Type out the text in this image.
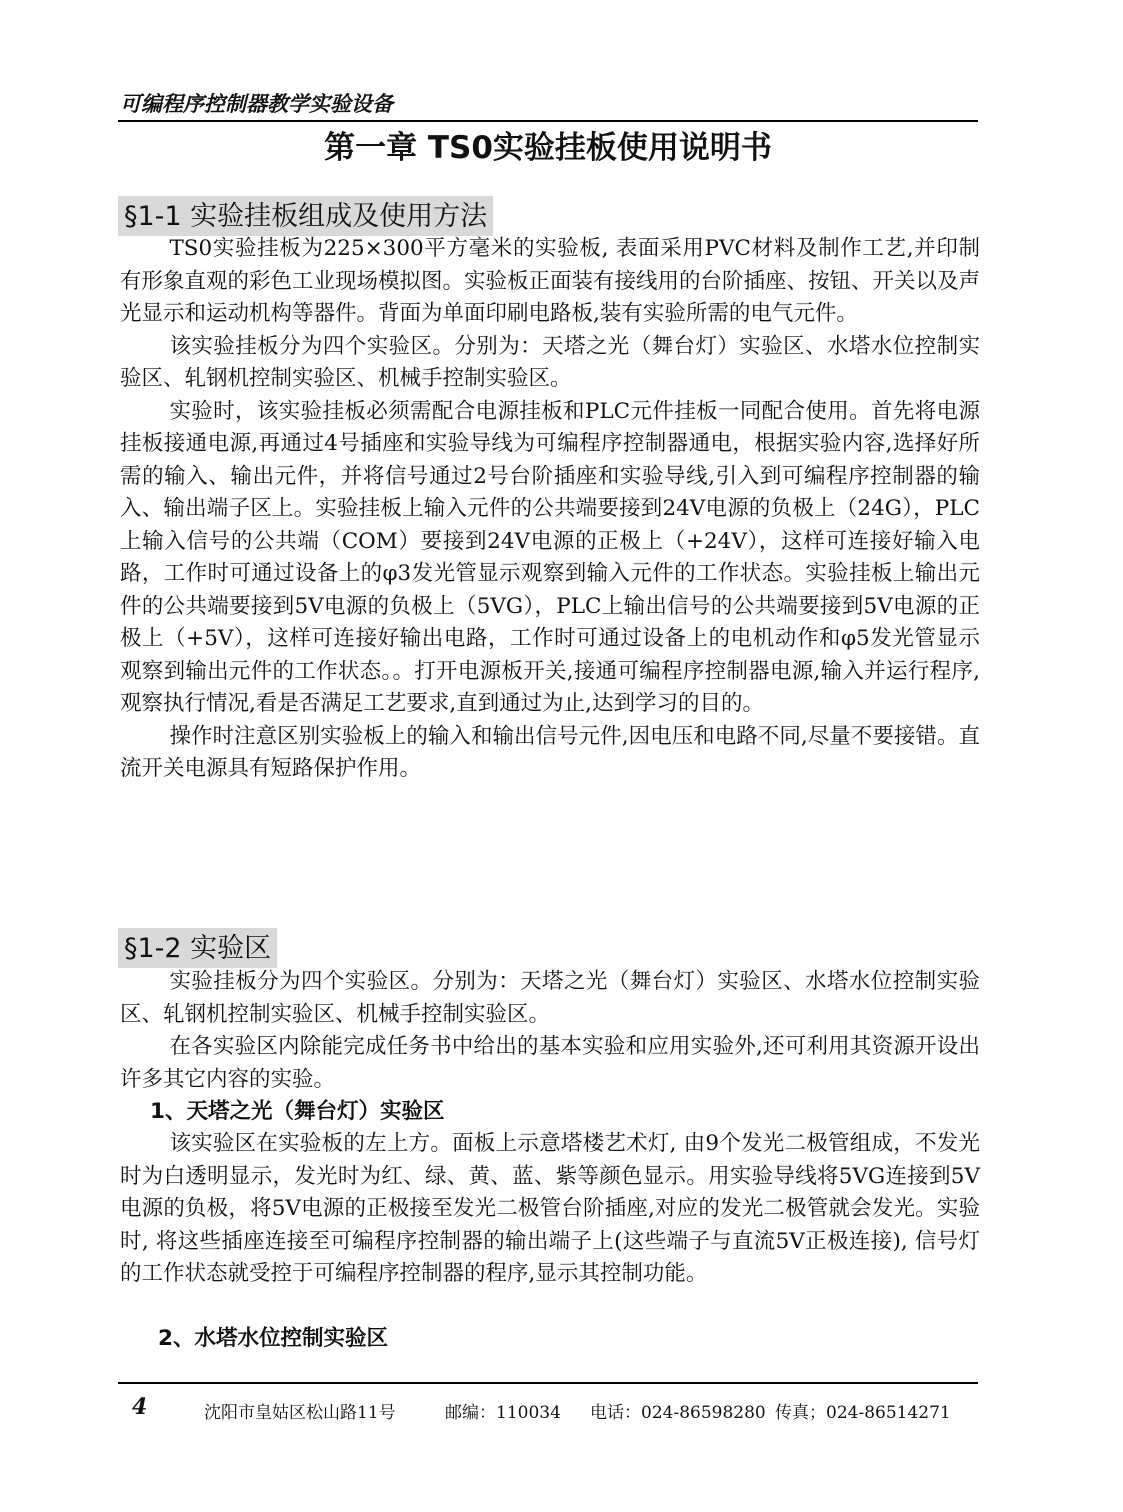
可编程序控制器教学实验设备
第一章 TS0实验挂板使用说明书
§1-1 实验挂板组成及使用方法

TS0实验挂板为225×300平方毫米的实验板, 表面采用PVC材料及制作工艺,并印制有形象直观的彩色工业现场模拟图。实验板正面装有接线用的台阶插座、按钮、开关以及声光显示和运动机构等器件。背面为单面印刷电路板,装有实验所需的电气元件。

该实验挂板分为四个实验区。分别为：天塔之光（舞台灯）实验区、水塔水位控制实验区、轧钢机控制实验区、机械手控制实验区。

实验时，该实验挂板必须需配合电源挂板和PLC元件挂板一同配合使用。首先将电源挂板接通电源,再通过4号插座和实验导线为可编程序控制器通电，根据实验内容,选择好所需的输入、输出元件，并将信号通过2号台阶插座和实验导线,引入到可编程序控制器的输入、输出端子区上。实验挂板上输入元件的公共端要接到24V电源的负极上（24G），PLC上输入信号的公共端（COM）要接到24V电源的正极上（+24V），这样可连接好输入电路，工作时可通过设备上的φ3发光管显示观察到输入元件的工作状态。实验挂板上输出元件的公共端要接到5V电源的负极上（5VG），PLC上输出信号的公共端要接到5V电源的正极上（+5V），这样可连接好输出电路，工作时可通过设备上的电机动作和φ5发光管显示观察到输出元件的工作状态。。打开电源板开关,接通可编程序控制器电源,输入并运行程序,观察执行情况,看是否满足工艺要求,直到通过为止,达到学习的目的。

操作时注意区别实验板上的输入和输出信号元件,因电压和电路不同,尽量不要接错。直流开关电源具有短路保护作用。

§1-2 实验区

实验挂板分为四个实验区。分别为：天塔之光（舞台灯）实验区、水塔水位控制实验区、轧钢机控制实验区、机械手控制实验区。

在各实验区内除能完成任务书中给出的基本实验和应用实验外,还可利用其资源开设出许多其它内容的实验。

1、天塔之光（舞台灯）实验区

该实验区在实验板的左上方。面板上示意塔楼艺术灯, 由9个发光二极管组成，不发光时为白透明显示，发光时为红、绿、黄、蓝、紫等颜色显示。用实验导线将5VG连接到5V电源的负极，将5V电源的正极接至发光二极管台阶插座,对应的发光二极管就会发光。实验时, 将这些插座连接至可编程序控制器的输出端子上(这些端子与直流5V正极连接), 信号灯的工作状态就受控于可编程序控制器的程序,显示其控制功能。

2、水塔水位控制实验区
4	沈阳市皇姑区松山路11号	邮编：110034 电话：024-86598280 传真；024-86514271
